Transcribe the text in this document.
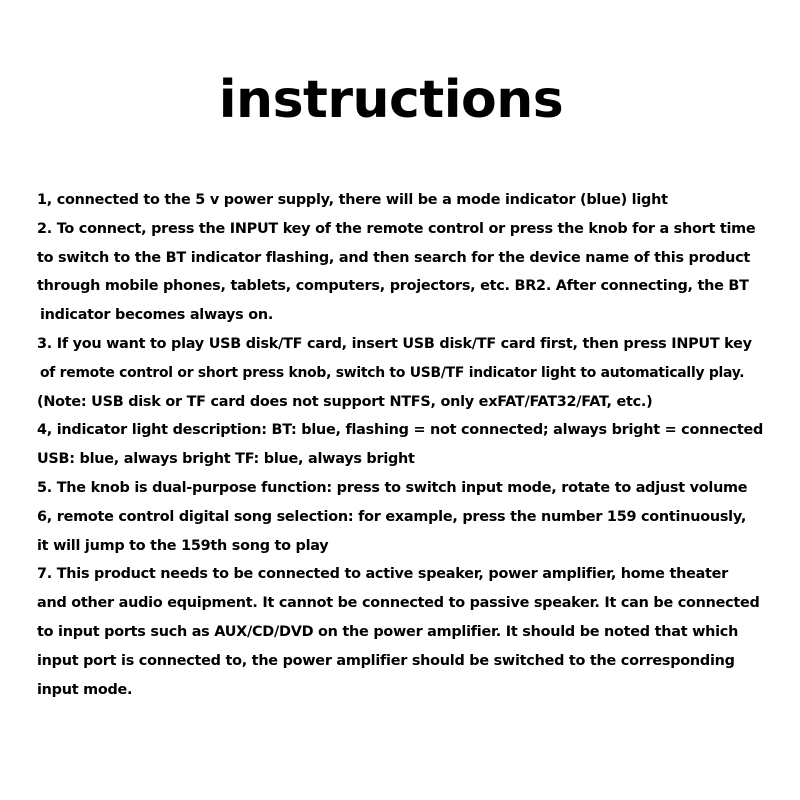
instructions
1, connected to the 5 v power supply, there will be a mode indicator (blue) light
2. To connect, press the INPUT key of the remote control or press the knob for a short time
to switch to the BT indicator flashing, and then search for the device name of this product
through mobile phones, tablets, computers, projectors, etc. BR2. After connecting, the BT
indicator becomes always on.
3. If you want to play USB disk/TF card, insert USB disk/TF card first, then press INPUT key
of remote control or short press knob, switch to USB/TF indicator light to automatically play.
(Note: USB disk or TF card does not support NTFS, only exFAT/FAT32/FAT, etc.)
4, indicator light description: BT: blue, flashing = not connected; always bright = connected
USB: blue, always bright TF: blue, always bright
5. The knob is dual-purpose function: press to switch input mode, rotate to adjust volume
6, remote control digital song selection: for example, press the number 159 continuously,
it will jump to the 159th song to play
7. This product needs to be connected to active speaker, power amplifier, home theater
and other audio equipment. It cannot be connected to passive speaker. It can be connected
to input ports such as AUX/CD/DVD on the power amplifier. It should be noted that which
input port is connected to, the power amplifier should be switched to the corresponding
input mode.
